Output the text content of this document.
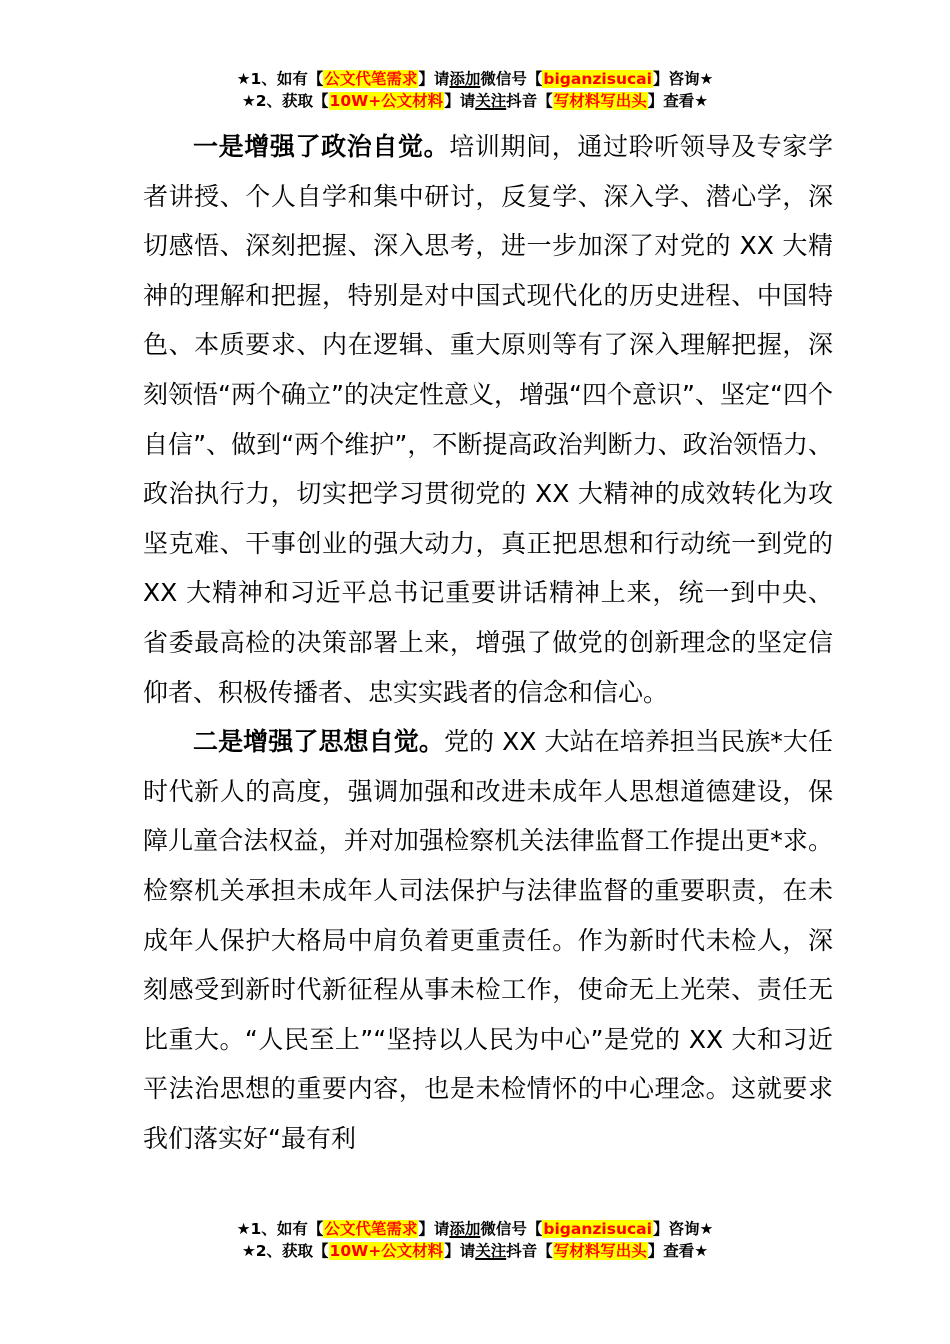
★1、如有【公文代笔需求】请添加微信号【biganzisucai】咨询★
★2、获取【10W+公文材料】请关注抖音【写材料写出头】查看★

一是增强了政治自觉。培训期间，通过聆听领导及专家学者讲授、个人自学和集中研讨，反复学、深入学、潜心学，深切感悟、深刻把握、深入思考，进一步加深了对党的 XX 大精神的理解和把握，特别是对中国式现代化的历史进程、中国特色、本质要求、内在逻辑、重大原则等有了深入理解把握，深刻领悟“两个确立”的决定性意义，增强“四个意识”、坚定“四个自信”、做到“两个维护”，不断提高政治判断力、政治领悟力、政治执行力，切实把学习贯彻党的 XX 大精神的成效转化为攻坚克难、干事创业的强大动力，真正把思想和行动统一到党的 XX 大精神和习近平总书记重要讲话精神上来，统一到中央、省委最高检的决策部署上来，增强了做党的创新理念的坚定信仰者、积极传播者、忠实实践者的信念和信心。

二是增强了思想自觉。党的 XX 大站在培养担当民族*大任时代新人的高度，强调加强和改进未成年人思想道德建设，保障儿童合法权益，并对加强检察机关法律监督工作提出更*求。检察机关承担未成年人司法保护与法律监督的重要职责，在未成年人保护大格局中肩负着更重责任。作为新时代未检人，深刻感受到新时代新征程从事未检工作，使命无上光荣、责任无比重大。“人民至上”“坚持以人民为中心”是党的 XX 大和习近平法治思想的重要内容，也是未检情怀的中心理念。这就要求我们落实好“最有利

★1、如有【公文代笔需求】请添加微信号【biganzisucai】咨询★
★2、获取【10W+公文材料】请关注抖音【写材料写出头】查看★
